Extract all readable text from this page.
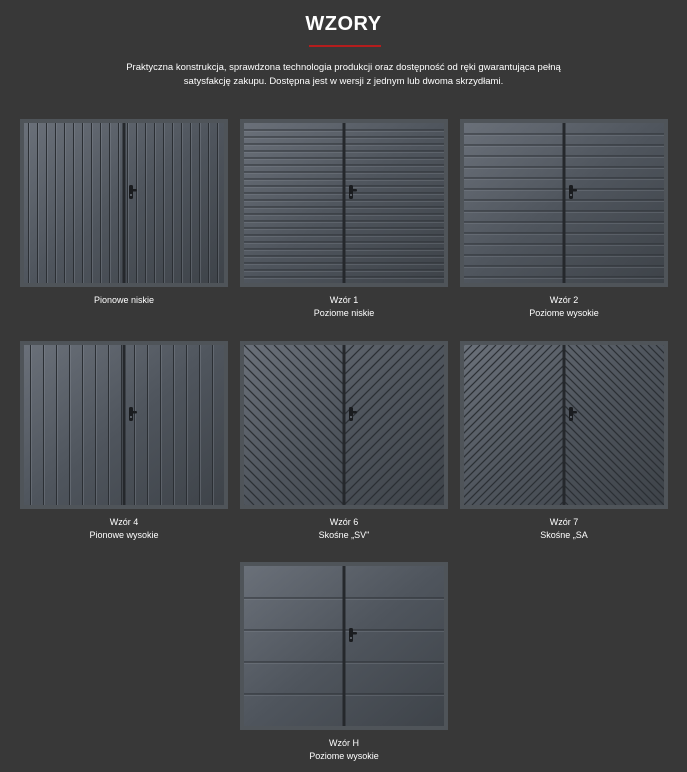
WZORY
Praktyczna konstrukcja, sprawdzona technologia produkcji oraz dostępność od ręki gwarantująca pełną
satysfakcję zakupu. Dostępna jest w wersji z jednym lub dwoma skrzydłami.
Pionowe niskie	Wzór 1
Poziome niskie
Wzór 2
Poziome wysokie
Wzór 4
Pionowe wysokie
Wzór 6
Skośne „SV"
Wzór 7
Skośne „SA
Wzór H
Poziome wysokie
